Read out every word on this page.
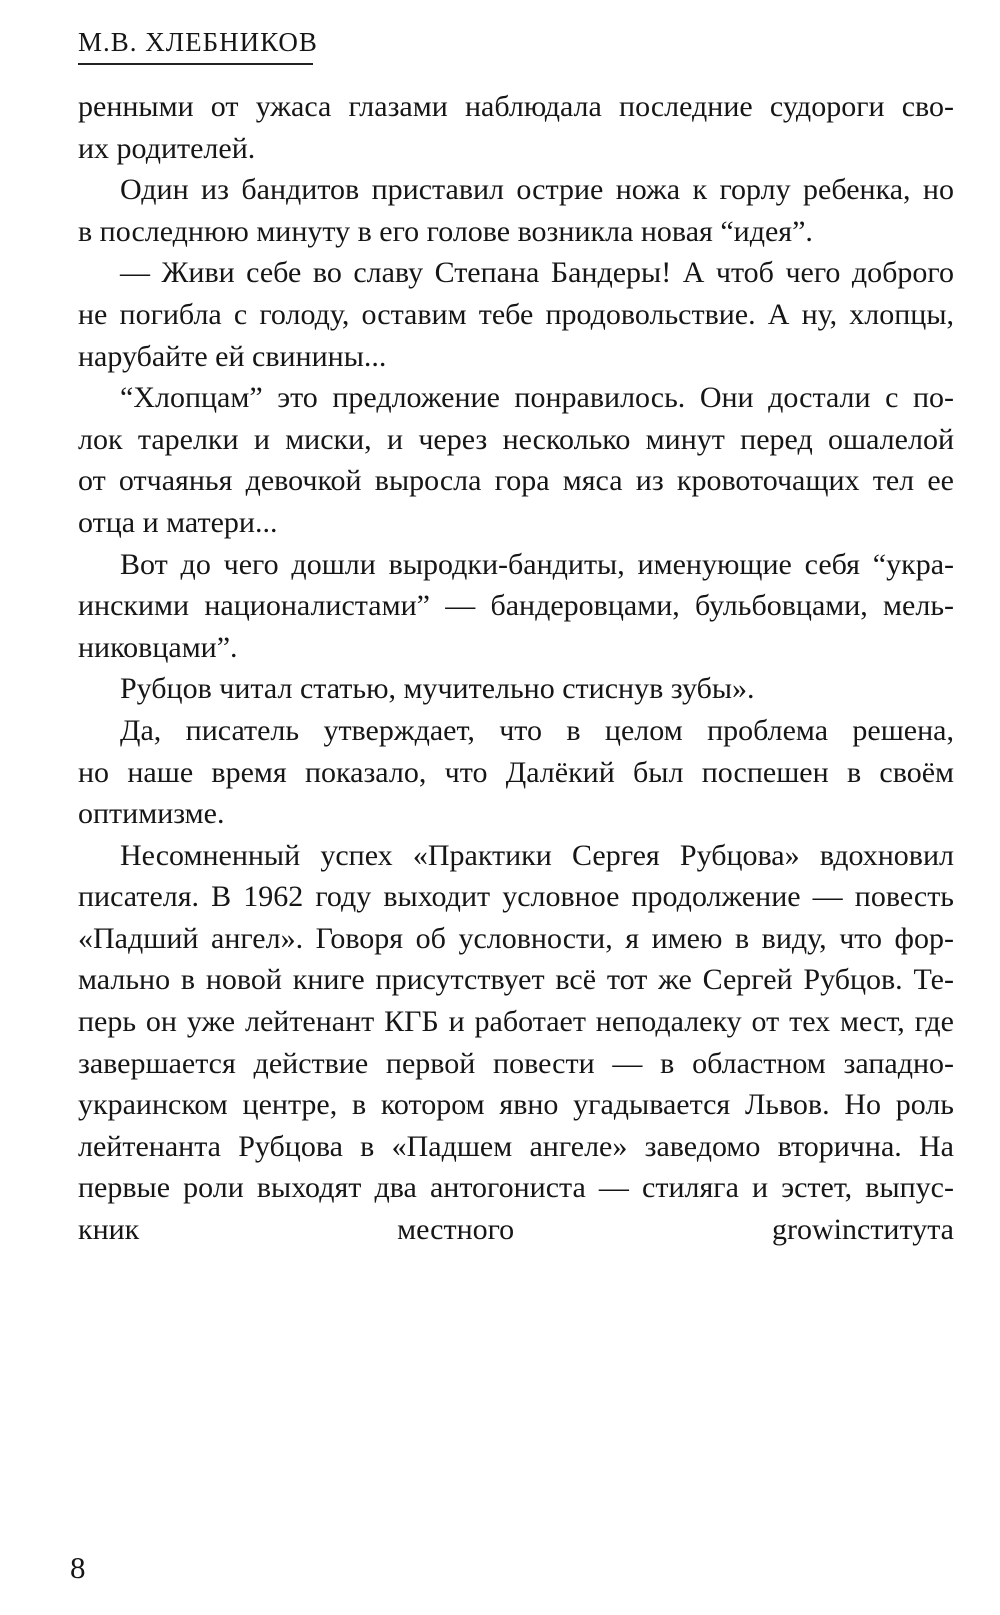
М.В. ХЛЕБНИКОВ
ренными от ужаса глазами наблюдала последние судороги сво-
их родителей.
Один из бандитов приставил острие ножа к горлу ребенка, но
в последнюю минуту в его голове возникла новая “идея”.
— Живи себе во славу Степана Бандеры! А чтоб чего доброго
не погибла с голоду, оставим тебе продовольствие. А ну, хлопцы,
нарубайте ей свинины...
“Хлопцам” это предложение понравилось. Они достали с по-
лок тарелки и миски, и через несколько минут перед ошалелой
от отчаянья девочкой выросла гора мяса из кровоточащих тел ее
отца и матери...
Вот до чего дошли выродки-бандиты, именующие себя “укра-
инскими националистами” — бандеровцами, бульбовцами, мель-
никовцами”.
Рубцов читал статью, мучительно стиснув зубы».
Да, писатель утверждает, что в целом проблема решена,
но наше время показало, что Далёкий был поспешен в своём
оптимизме.
Несомненный успех «Практики Сергея Рубцова» вдохновил
писателя. В 1962 году выходит условное продолжение — повесть
«Падший ангел». Говоря об условности, я имею в виду, что фор-
мально в новой книге присутствует всё тот же Сергей Рубцов. Те-
перь он уже лейтенант КГБ и работает неподалеку от тех мест, где
завершается действие первой повести — в областном западно-
украинском центре, в котором явно угадывается Львов. Но роль
лейтенанта Рубцова в «Падшем ангеле» заведомо вторична. На
первые роли выходят два антогониста — стиляга и эстет, выпус-
кник местного growinститута
8
